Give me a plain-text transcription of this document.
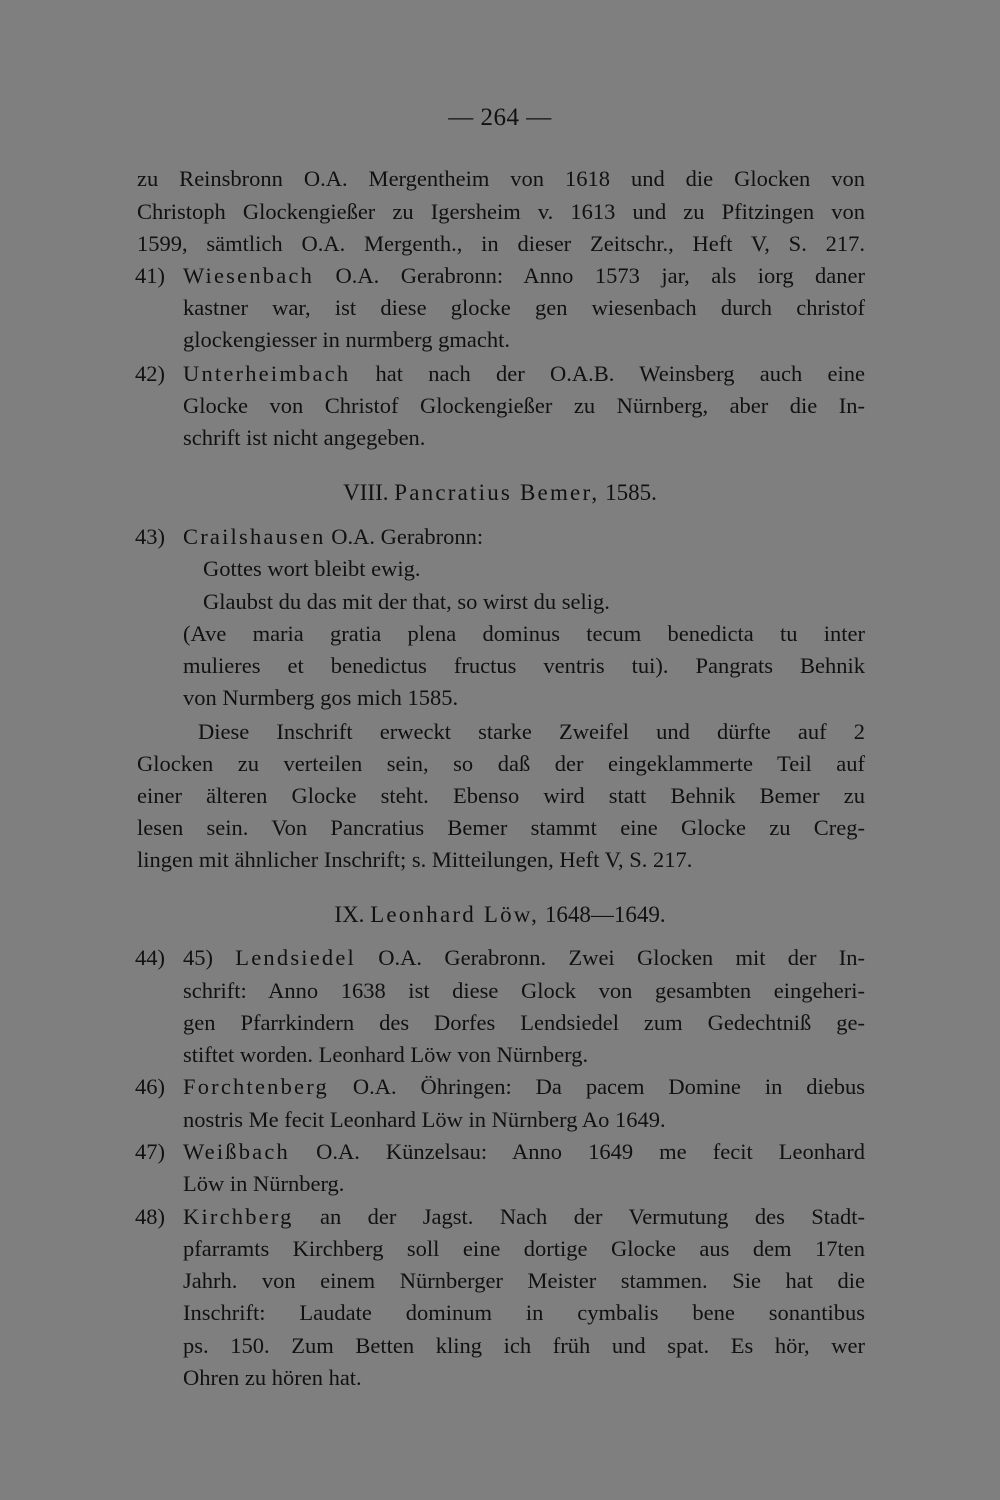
— 264 —
zu Reinsbronn O.A. Mergentheim von 1618 und die Glocken von
Christoph Glockengießer zu Igersheim v. 1613 und zu Pfitzingen von
1599, sämtlich O.A. Mergenth., in dieser Zeitschr., Heft V, S. 217.
41) Wiesenbach O.A. Gerabronn: Anno 1573 jar, als iorg daner
kastner war, ist diese glocke gen wiesenbach durch christof
glockengiesser in nurmberg gmacht.
42) Unterheimbach hat nach der O.A.B. Weinsberg auch eine
Glocke von Christof Glockengießer zu Nürnberg, aber die In-
schrift ist nicht angegeben.
VIII. Pancratius Bemer, 1585.
43) Crailshausen O.A. Gerabronn:
Gottes wort bleibt ewig.
Glaubst du das mit der that, so wirst du selig.
(Ave maria gratia plena dominus tecum benedicta tu inter
mulieres et benedictus fructus ventris tui). Pangrats Behnik
von Nurmberg gos mich 1585.
Diese Inschrift erweckt starke Zweifel und dürfte auf 2
Glocken zu verteilen sein, so daß der eingeklammerte Teil auf
einer älteren Glocke steht. Ebenso wird statt Behnik Bemer zu
lesen sein. Von Pancratius Bemer stammt eine Glocke zu Creg-
lingen mit ähnlicher Inschrift; s. Mitteilungen, Heft V, S. 217.
IX. Leonhard Löw, 1648—1649.
44) 45) Lendsiedel O.A. Gerabronn. Zwei Glocken mit der In-
schrift: Anno 1638 ist diese Glock von gesambten eingeheri-
gen Pfarrkindern des Dorfes Lendsiedel zum Gedechtniß ge-
stiftet worden. Leonhard Löw von Nürnberg.
46) Forchtenberg O.A. Öhringen: Da pacem Domine in diebus
nostris Me fecit Leonhard Löw in Nürnberg Ao 1649.
47) Weißbach O.A. Künzelsau: Anno 1649 me fecit Leonhard
Löw in Nürnberg.
48) Kirchberg an der Jagst. Nach der Vermutung des Stadt-
pfarramts Kirchberg soll eine dortige Glocke aus dem 17ten
Jahrh. von einem Nürnberger Meister stammen. Sie hat die
Inschrift: Laudate dominum in cymbalis bene sonantibus
ps. 150. Zum Betten kling ich früh und spat. Es hör, wer
Ohren zu hören hat.
